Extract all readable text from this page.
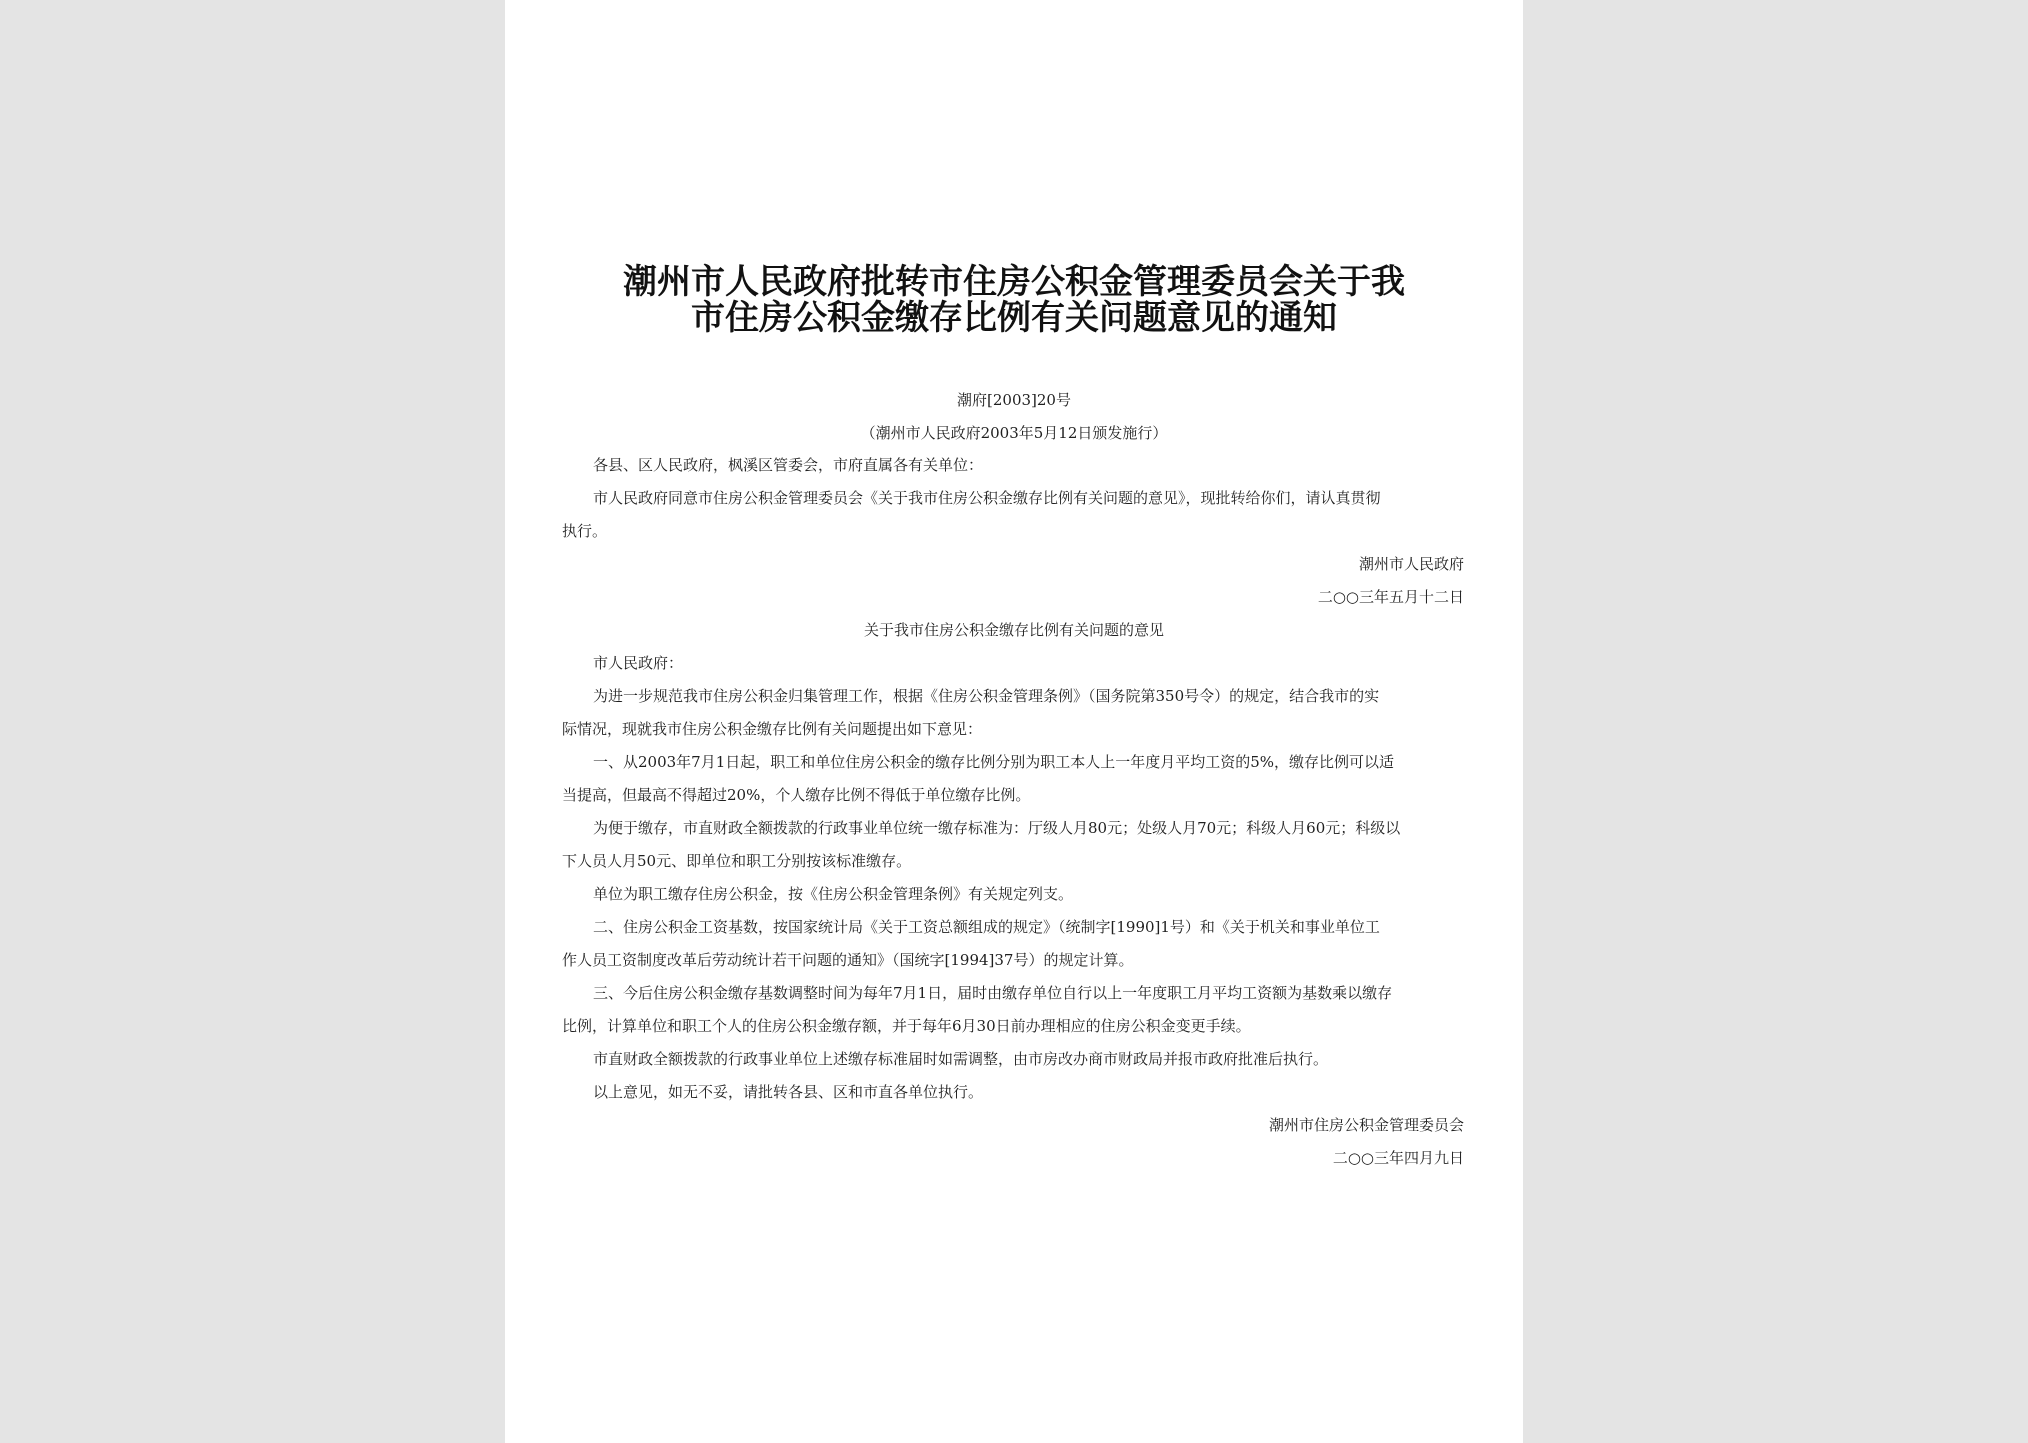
潮州市人民政府批转市住房公积金管理委员会关于我
市住房公积金缴存比例有关问题意见的通知
潮府[2003]20号
（潮州市人民政府2003年5月12日颁发施行）
各县、区人民政府，枫溪区管委会，市府直属各有关单位：
市人民政府同意市住房公积金管理委员会《关于我市住房公积金缴存比例有关问题的意见》，现批转给你们，请认真贯彻
执行。
潮州市人民政府
二○○三年五月十二日
关于我市住房公积金缴存比例有关问题的意见
市人民政府：
为进一步规范我市住房公积金归集管理工作，根据《住房公积金管理条例》（国务院第350号令）的规定，结合我市的实
际情况，现就我市住房公积金缴存比例有关问题提出如下意见：
一、从2003年7月1日起，职工和单位住房公积金的缴存比例分别为职工本人上一年度月平均工资的5%，缴存比例可以适
当提高，但最高不得超过20%，个人缴存比例不得低于单位缴存比例。
为便于缴存，市直财政全额拨款的行政事业单位统一缴存标准为：厅级人月80元；处级人月70元；科级人月60元；科级以
下人员人月50元、即单位和职工分别按该标准缴存。
单位为职工缴存住房公积金，按《住房公积金管理条例》有关规定列支。
二、住房公积金工资基数，按国家统计局《关于工资总额组成的规定》（统制字[1990]1号）和《关于机关和事业单位工
作人员工资制度改革后劳动统计若干问题的通知》（国统字[1994]37号）的规定计算。
三、今后住房公积金缴存基数调整时间为每年7月1日，届时由缴存单位自行以上一年度职工月平均工资额为基数乘以缴存
比例，计算单位和职工个人的住房公积金缴存额，并于每年6月30日前办理相应的住房公积金变更手续。
市直财政全额拨款的行政事业单位上述缴存标准届时如需调整，由市房改办商市财政局并报市政府批准后执行。
以上意见，如无不妥，请批转各县、区和市直各单位执行。
潮州市住房公积金管理委员会
二○○三年四月九日
